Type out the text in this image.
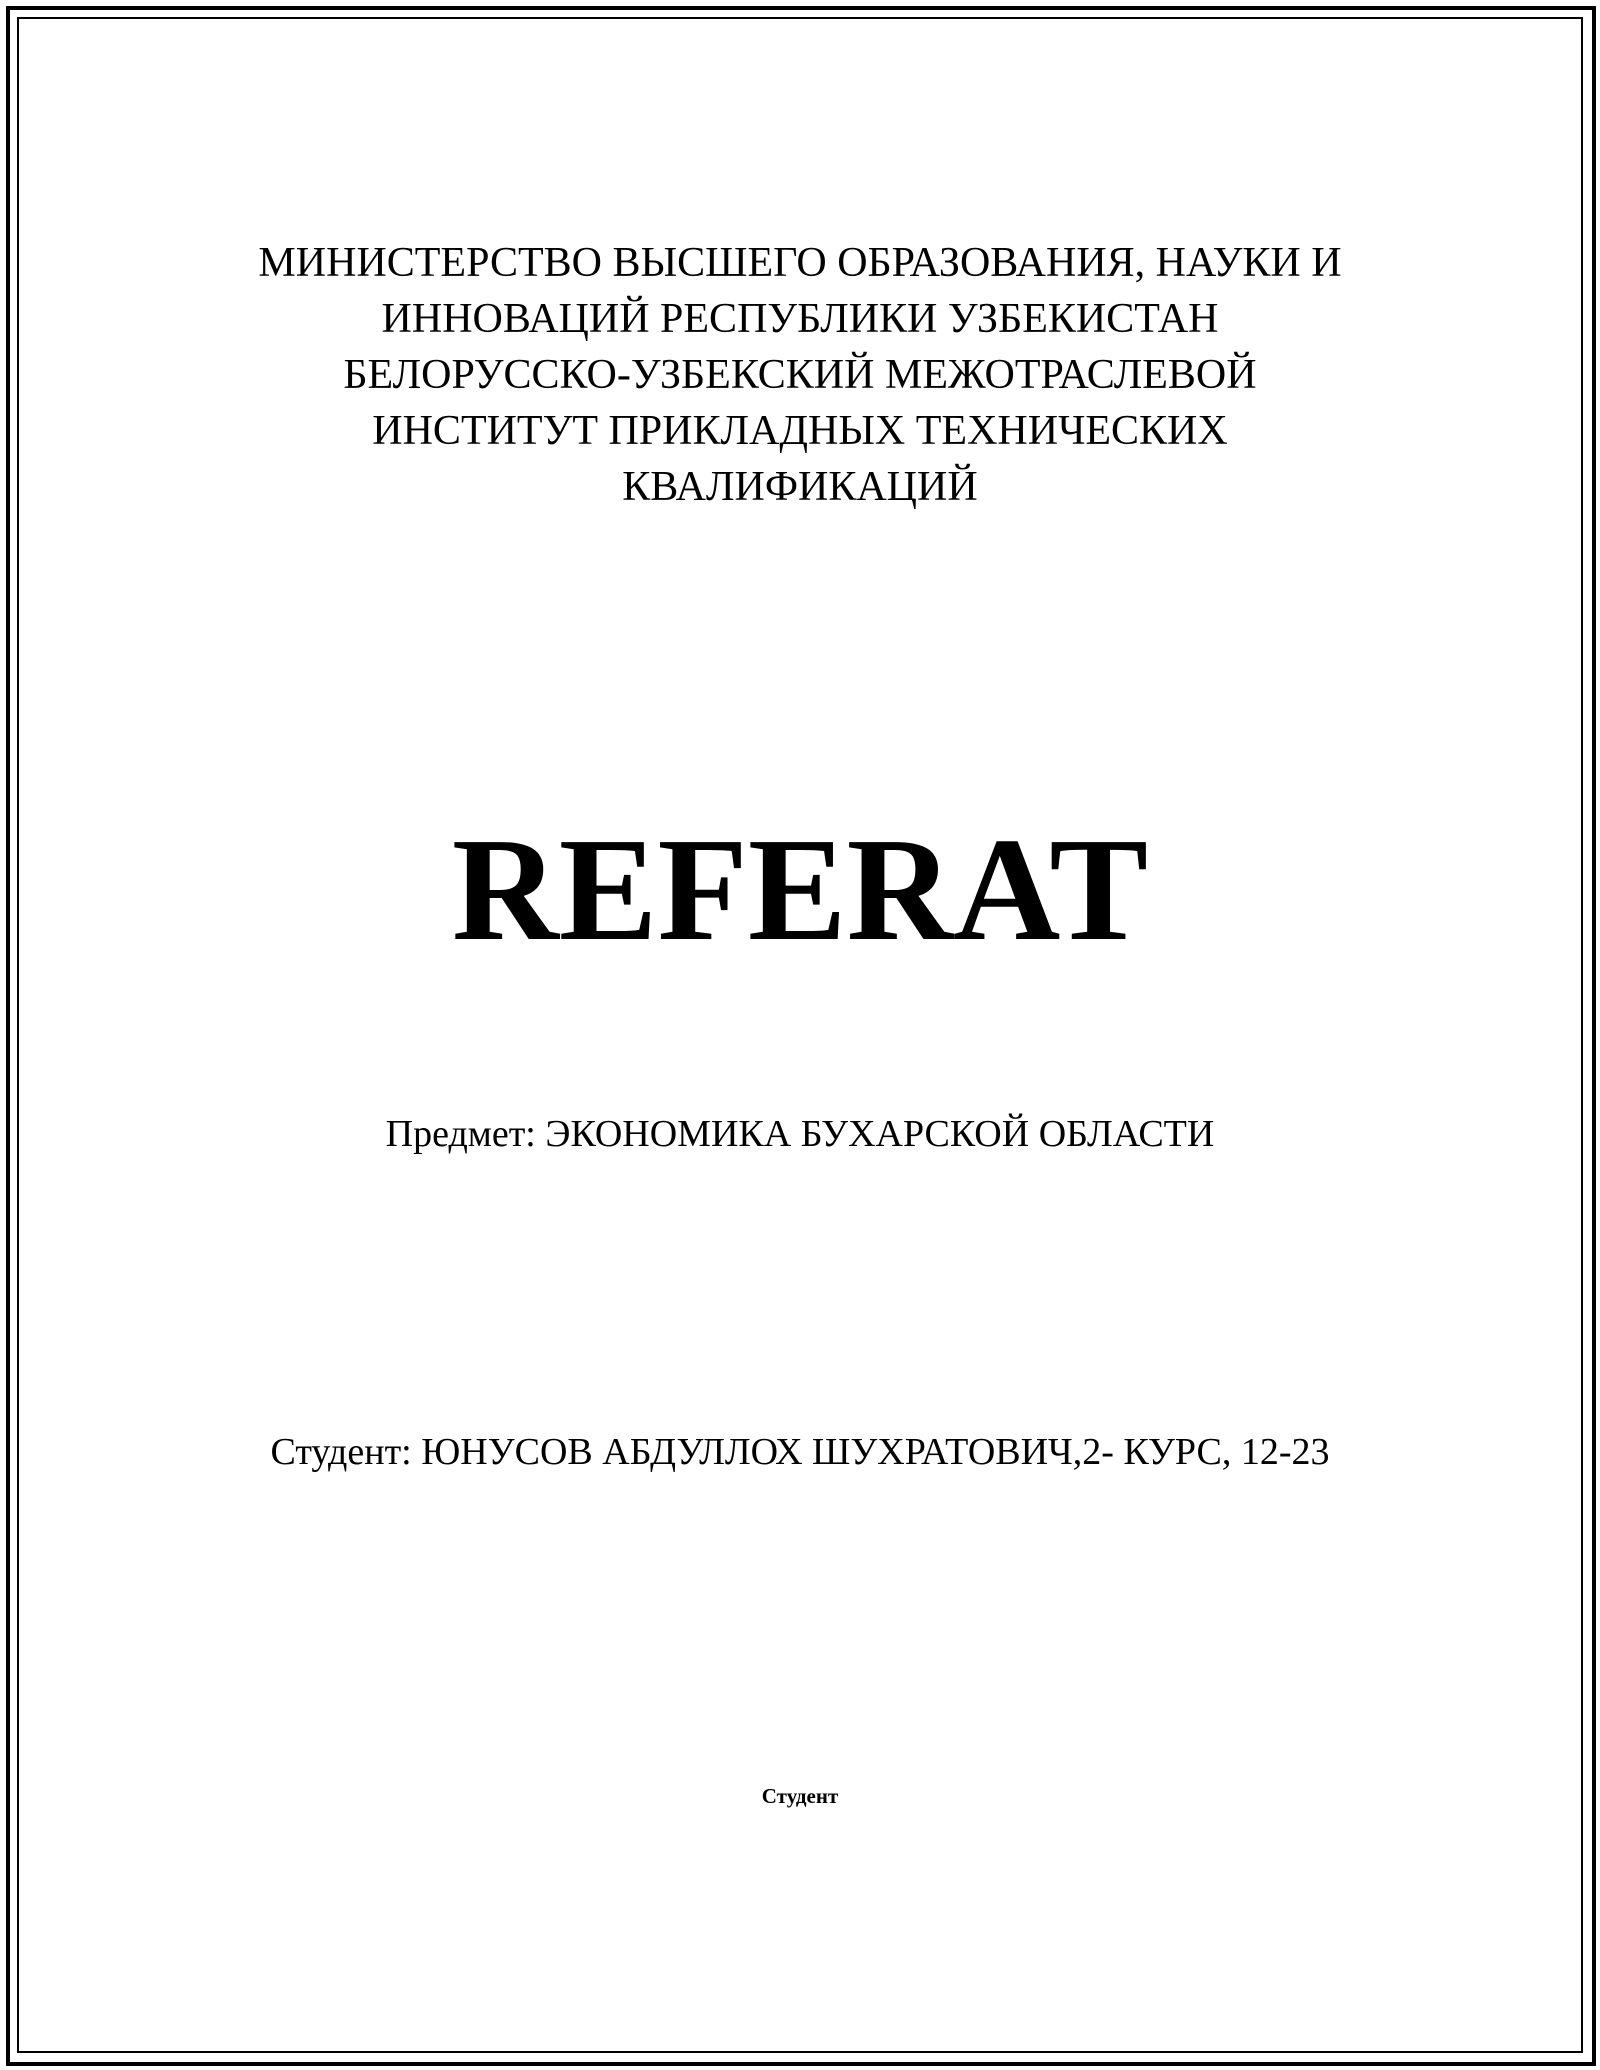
МИНИСТЕРСТВО ВЫСШЕГО ОБРАЗОВАНИЯ, НАУКИ И
ИННОВАЦИЙ РЕСПУБЛИКИ УЗБЕКИСТАН
БЕЛОРУССКО-УЗБЕКСКИЙ МЕЖОТРАСЛЕВОЙ
ИНСТИТУТ ПРИКЛАДНЫХ ТЕХНИЧЕСКИХ
КВАЛИФИКАЦИЙ
REFERAT
Предмет: ЭКОНОМИКА БУХАРСКОЙ ОБЛАСТИ
Студент: ЮНУСОВ АБДУЛЛОХ ШУХРАТОВИЧ,2- КУРС, 12-23
Студент
